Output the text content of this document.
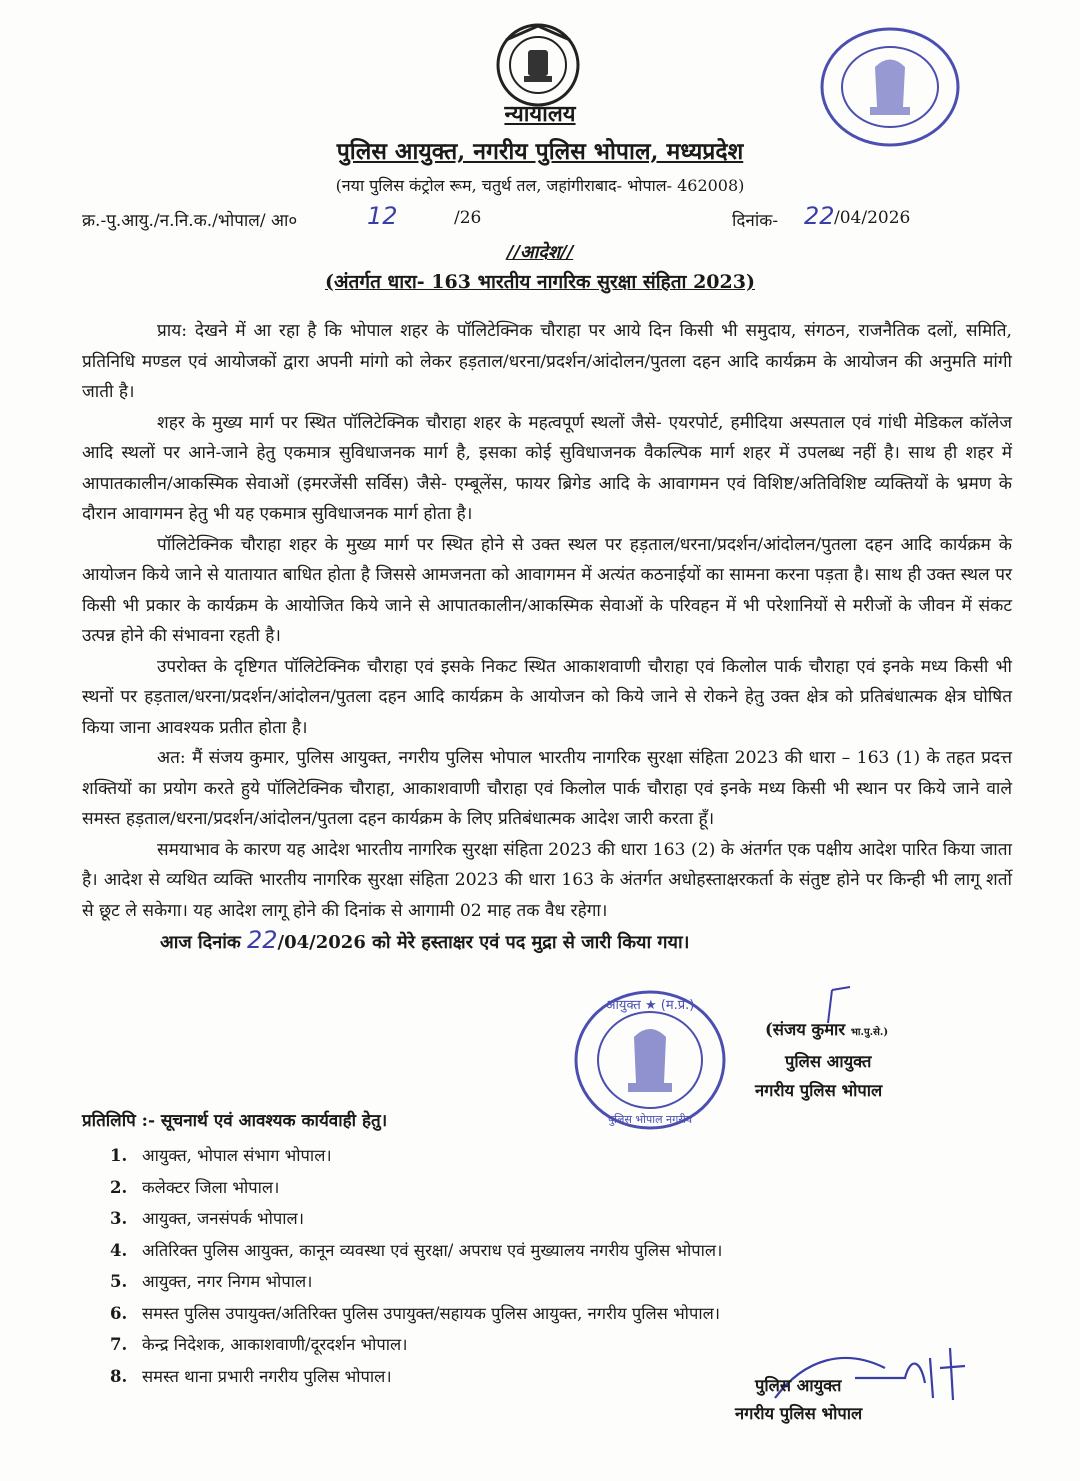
न्यायालय
पुलिस आयुक्त, नगरीय पुलिस भोपाल, मध्यप्रदेश
(नया पुलिस कंट्रोल रूम, चतुर्थ तल, जहांगीराबाद- भोपाल- 462008)
क्र.-पु.आयु./न.नि.क./भोपाल/ आ०	12	/26	दिनांक- 22 /04/2026
//आदेश//
(अंतर्गत धारा- 163 भारतीय नागरिक सुरक्षा संहिता 2023)

प्राय: देखने में आ रहा है कि भोपाल शहर के पॉलिटेक्निक चौराहा पर आये दिन किसी भी समुदाय, संगठन, राजनैतिक दलों, समिति, प्रतिनिधि मण्डल एवं आयोजकों द्वारा अपनी मांगो को लेकर हड़ताल/धरना/प्रदर्शन/आंदोलन/पुतला दहन आदि कार्यक्रम के आयोजन की अनुमति मांगी जाती है।

शहर के मुख्य मार्ग पर स्थित पॉलिटेक्निक चौराहा शहर के महत्वपूर्ण स्थलों जैसे- एयरपोर्ट, हमीदिया अस्पताल एवं गांधी मेडिकल कॉलेज आदि स्थलों पर आने-जाने हेतु एकमात्र सुविधाजनक मार्ग है, इसका कोई सुविधाजनक वैकल्पिक मार्ग शहर में उपलब्ध नहीं है। साथ ही शहर में आपातकालीन/आकस्मिक सेवाओं (इमरजेंसी सर्विस) जैसे- एम्बूलेंस, फायर ब्रिगेड आदि के आवागमन एवं विशिष्ट/अतिविशिष्ट व्यक्तियों के भ्रमण के दौरान आवागमन हेतु भी यह एकमात्र सुविधाजनक मार्ग होता है।

पॉलिटेक्निक चौराहा शहर के मुख्य मार्ग पर स्थित होने से उक्त स्थल पर हड़ताल/धरना/प्रदर्शन/आंदोलन/पुतला दहन आदि कार्यक्रम के आयोजन किये जाने से यातायात बाधित होता है जिससे आमजनता को आवागमन में अत्यंत कठनाईयों का सामना करना पड़ता है। साथ ही उक्त स्थल पर किसी भी प्रकार के कार्यक्रम के आयोजित किये जाने से आपातकालीन/आकस्मिक सेवाओं के परिवहन में भी परेशानियों से मरीजों के जीवन में संकट उत्पन्न होने की संभावना रहती है।

उपरोक्त के दृष्टिगत पॉलिटेक्निक चौराहा एवं इसके निकट स्थित आकाशवाणी चौराहा एवं किलोल पार्क चौराहा एवं इनके मध्य किसी भी स्थनों पर हड़ताल/धरना/प्रदर्शन/आंदोलन/पुतला दहन आदि कार्यक्रम के आयोजन को किये जाने से रोकने हेतु उक्त क्षेत्र को प्रतिबंधात्मक क्षेत्र घोषित किया जाना आवश्यक प्रतीत होता है।

अत: मैं संजय कुमार, पुलिस आयुक्त, नगरीय पुलिस भोपाल भारतीय नागरिक सुरक्षा संहिता 2023 की धारा – 163 (1) के तहत प्रदत्त शक्तियों का प्रयोग करते हुये पॉलिटेक्निक चौराहा, आकाशवाणी चौराहा एवं किलोल पार्क चौराहा एवं इनके मध्य किसी भी स्थान पर किये जाने वाले समस्त हड़ताल/धरना/प्रदर्शन/आंदोलन/पुतला दहन कार्यक्रम के लिए प्रतिबंधात्मक आदेश जारी करता हूँ।

समयाभाव के कारण यह आदेश भारतीय नागरिक सुरक्षा संहिता 2023 की धारा 163 (2) के अंतर्गत एक पक्षीय आदेश पारित किया जाता है। आदेश से व्यथित व्यक्ति भारतीय नागरिक सुरक्षा संहिता 2023 की धारा 163 के अंतर्गत अधोहस्ताक्षरकर्ता के संतुष्ट होने पर किन्ही भी लागू शर्तो से छूट ले सकेगा। यह आदेश लागू होने की दिनांक से आगामी 02 माह तक वैध रहेगा।

आज दिनांक 22/04/2026 को मेरे हस्ताक्षर एवं पद मुद्रा से जारी किया गया।
आयुक्त ★ (म.प्र.)
पुलिस भोपाल नगरीय
(संजय कुमार भा.पु.से.)
पुलिस आयुक्त
नगरीय पुलिस भोपाल
प्रतिलिपि :- सूचनार्थ एवं आवश्यक कार्यवाही हेतु।
1. आयुक्त, भोपाल संभाग भोपाल।
2. कलेक्टर जिला भोपाल।
3. आयुक्त, जनसंपर्क भोपाल।
4. अतिरिक्त पुलिस आयुक्त, कानून व्यवस्था एवं सुरक्षा/ अपराध एवं मुख्यालय नगरीय पुलिस भोपाल।
5. आयुक्त, नगर निगम भोपाल।
6. समस्त पुलिस उपायुक्त/अतिरिक्त पुलिस उपायुक्त/सहायक पुलिस आयुक्त, नगरीय पुलिस भोपाल।
7. केन्द्र निदेशक, आकाशवाणी/दूरदर्शन भोपाल।
8. समस्त थाना प्रभारी नगरीय पुलिस भोपाल।	पुलिस आयुक्त
नगरीय पुलिस भोपाल
